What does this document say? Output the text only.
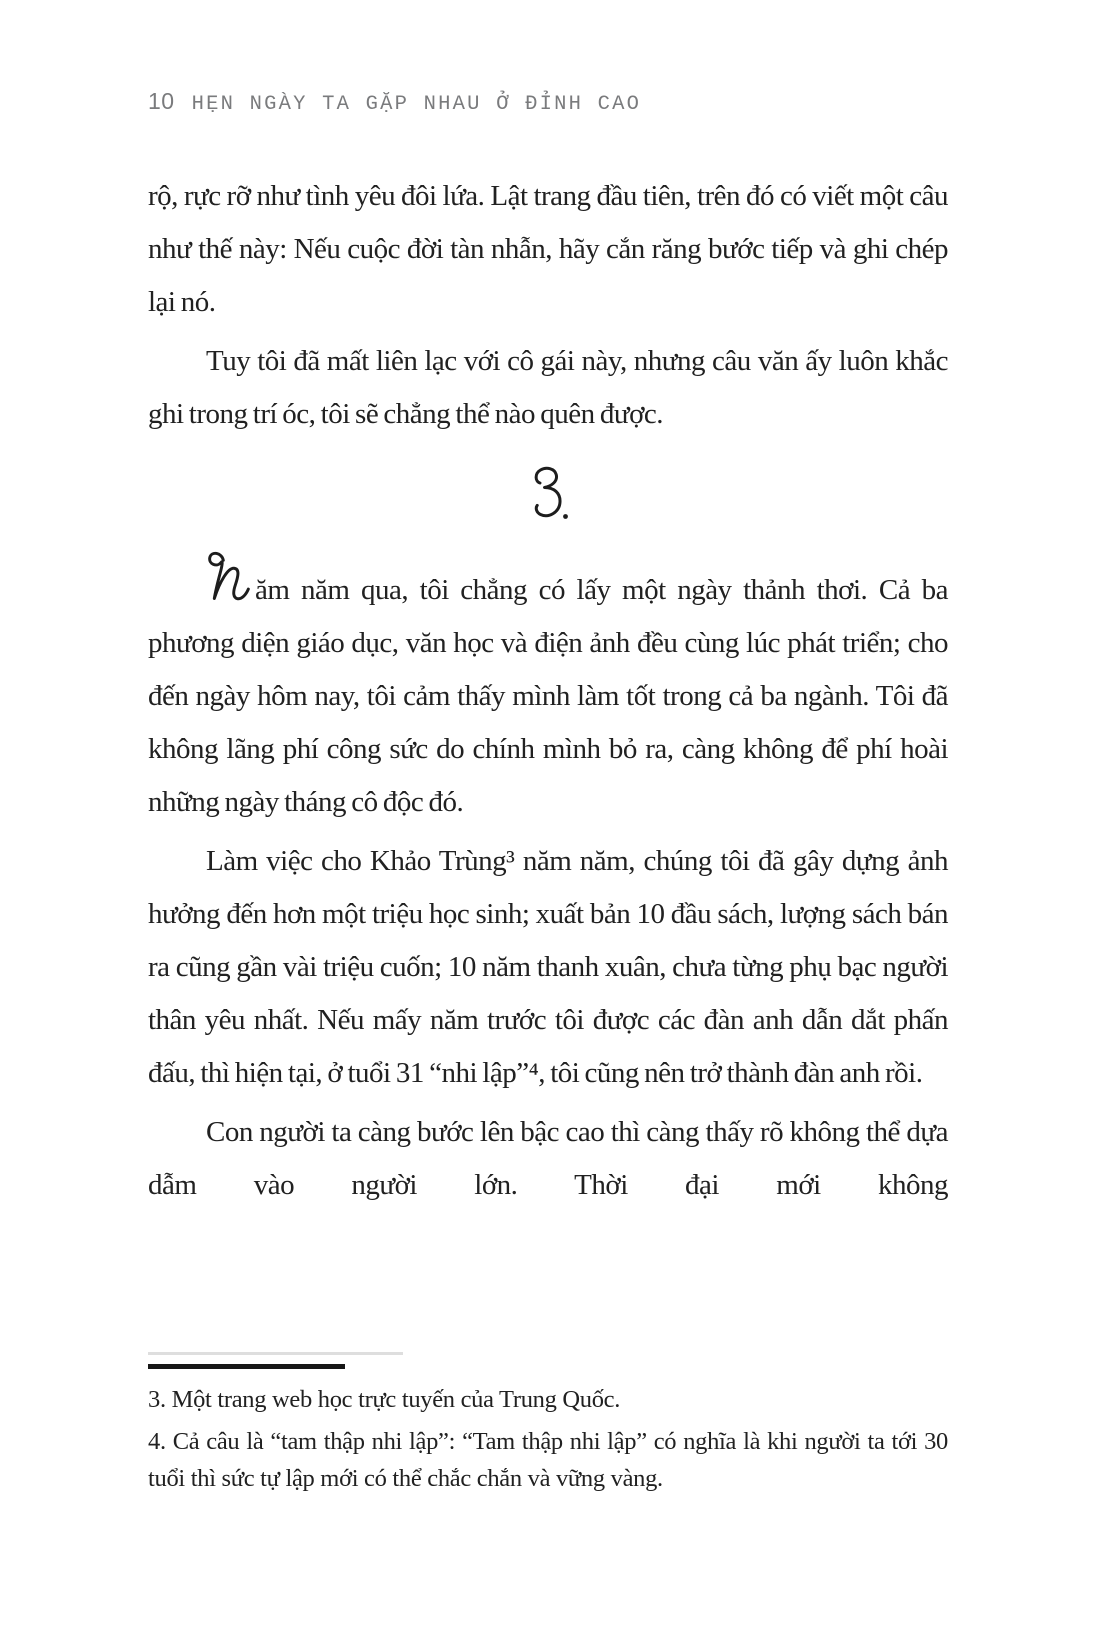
10 HẸN NGÀY TA GẶP NHAU Ở ĐỈNH CAO

rộ, rực rỡ như tình yêu đôi lứa. Lật trang đầu tiên, trên đó có viết một câu như thế này: Nếu cuộc đời tàn nhẫn, hãy cắn răng bước tiếp và ghi chép lại nó.

Tuy tôi đã mất liên lạc với cô gái này, nhưng câu văn ấy luôn khắc ghi trong trí óc, tôi sẽ chẳng thể nào quên được.

ăm năm qua, tôi chẳng có lấy một ngày thảnh thơi. Cả ba phương diện giáo dục, văn học và điện ảnh đều cùng lúc phát triển; cho đến ngày hôm nay, tôi cảm thấy mình làm tốt trong cả ba ngành. Tôi đã không lãng phí công sức do chính mình bỏ ra, càng không để phí hoài những ngày tháng cô độc đó.

Làm việc cho Khảo Trùng³ năm năm, chúng tôi đã gây dựng ảnh hưởng đến hơn một triệu học sinh; xuất bản 10 đầu sách, lượng sách bán ra cũng gần vài triệu cuốn; 10 năm thanh xuân, chưa từng phụ bạc người thân yêu nhất. Nếu mấy năm trước tôi được các đàn anh dẫn dắt phấn đấu, thì hiện tại, ở tuổi 31 “nhi lập”⁴, tôi cũng nên trở thành đàn anh rồi.

Con người ta càng bước lên bậc cao thì càng thấy rõ không thể dựa dẫm vào người lớn. Thời đại mới không

3. Một trang web học trực tuyến của Trung Quốc.

4. Cả câu là “tam thập nhi lập”: “Tam thập nhi lập” có nghĩa là khi người ta tới 30 tuổi thì sức tự lập mới có thể chắc chắn và vững vàng.
